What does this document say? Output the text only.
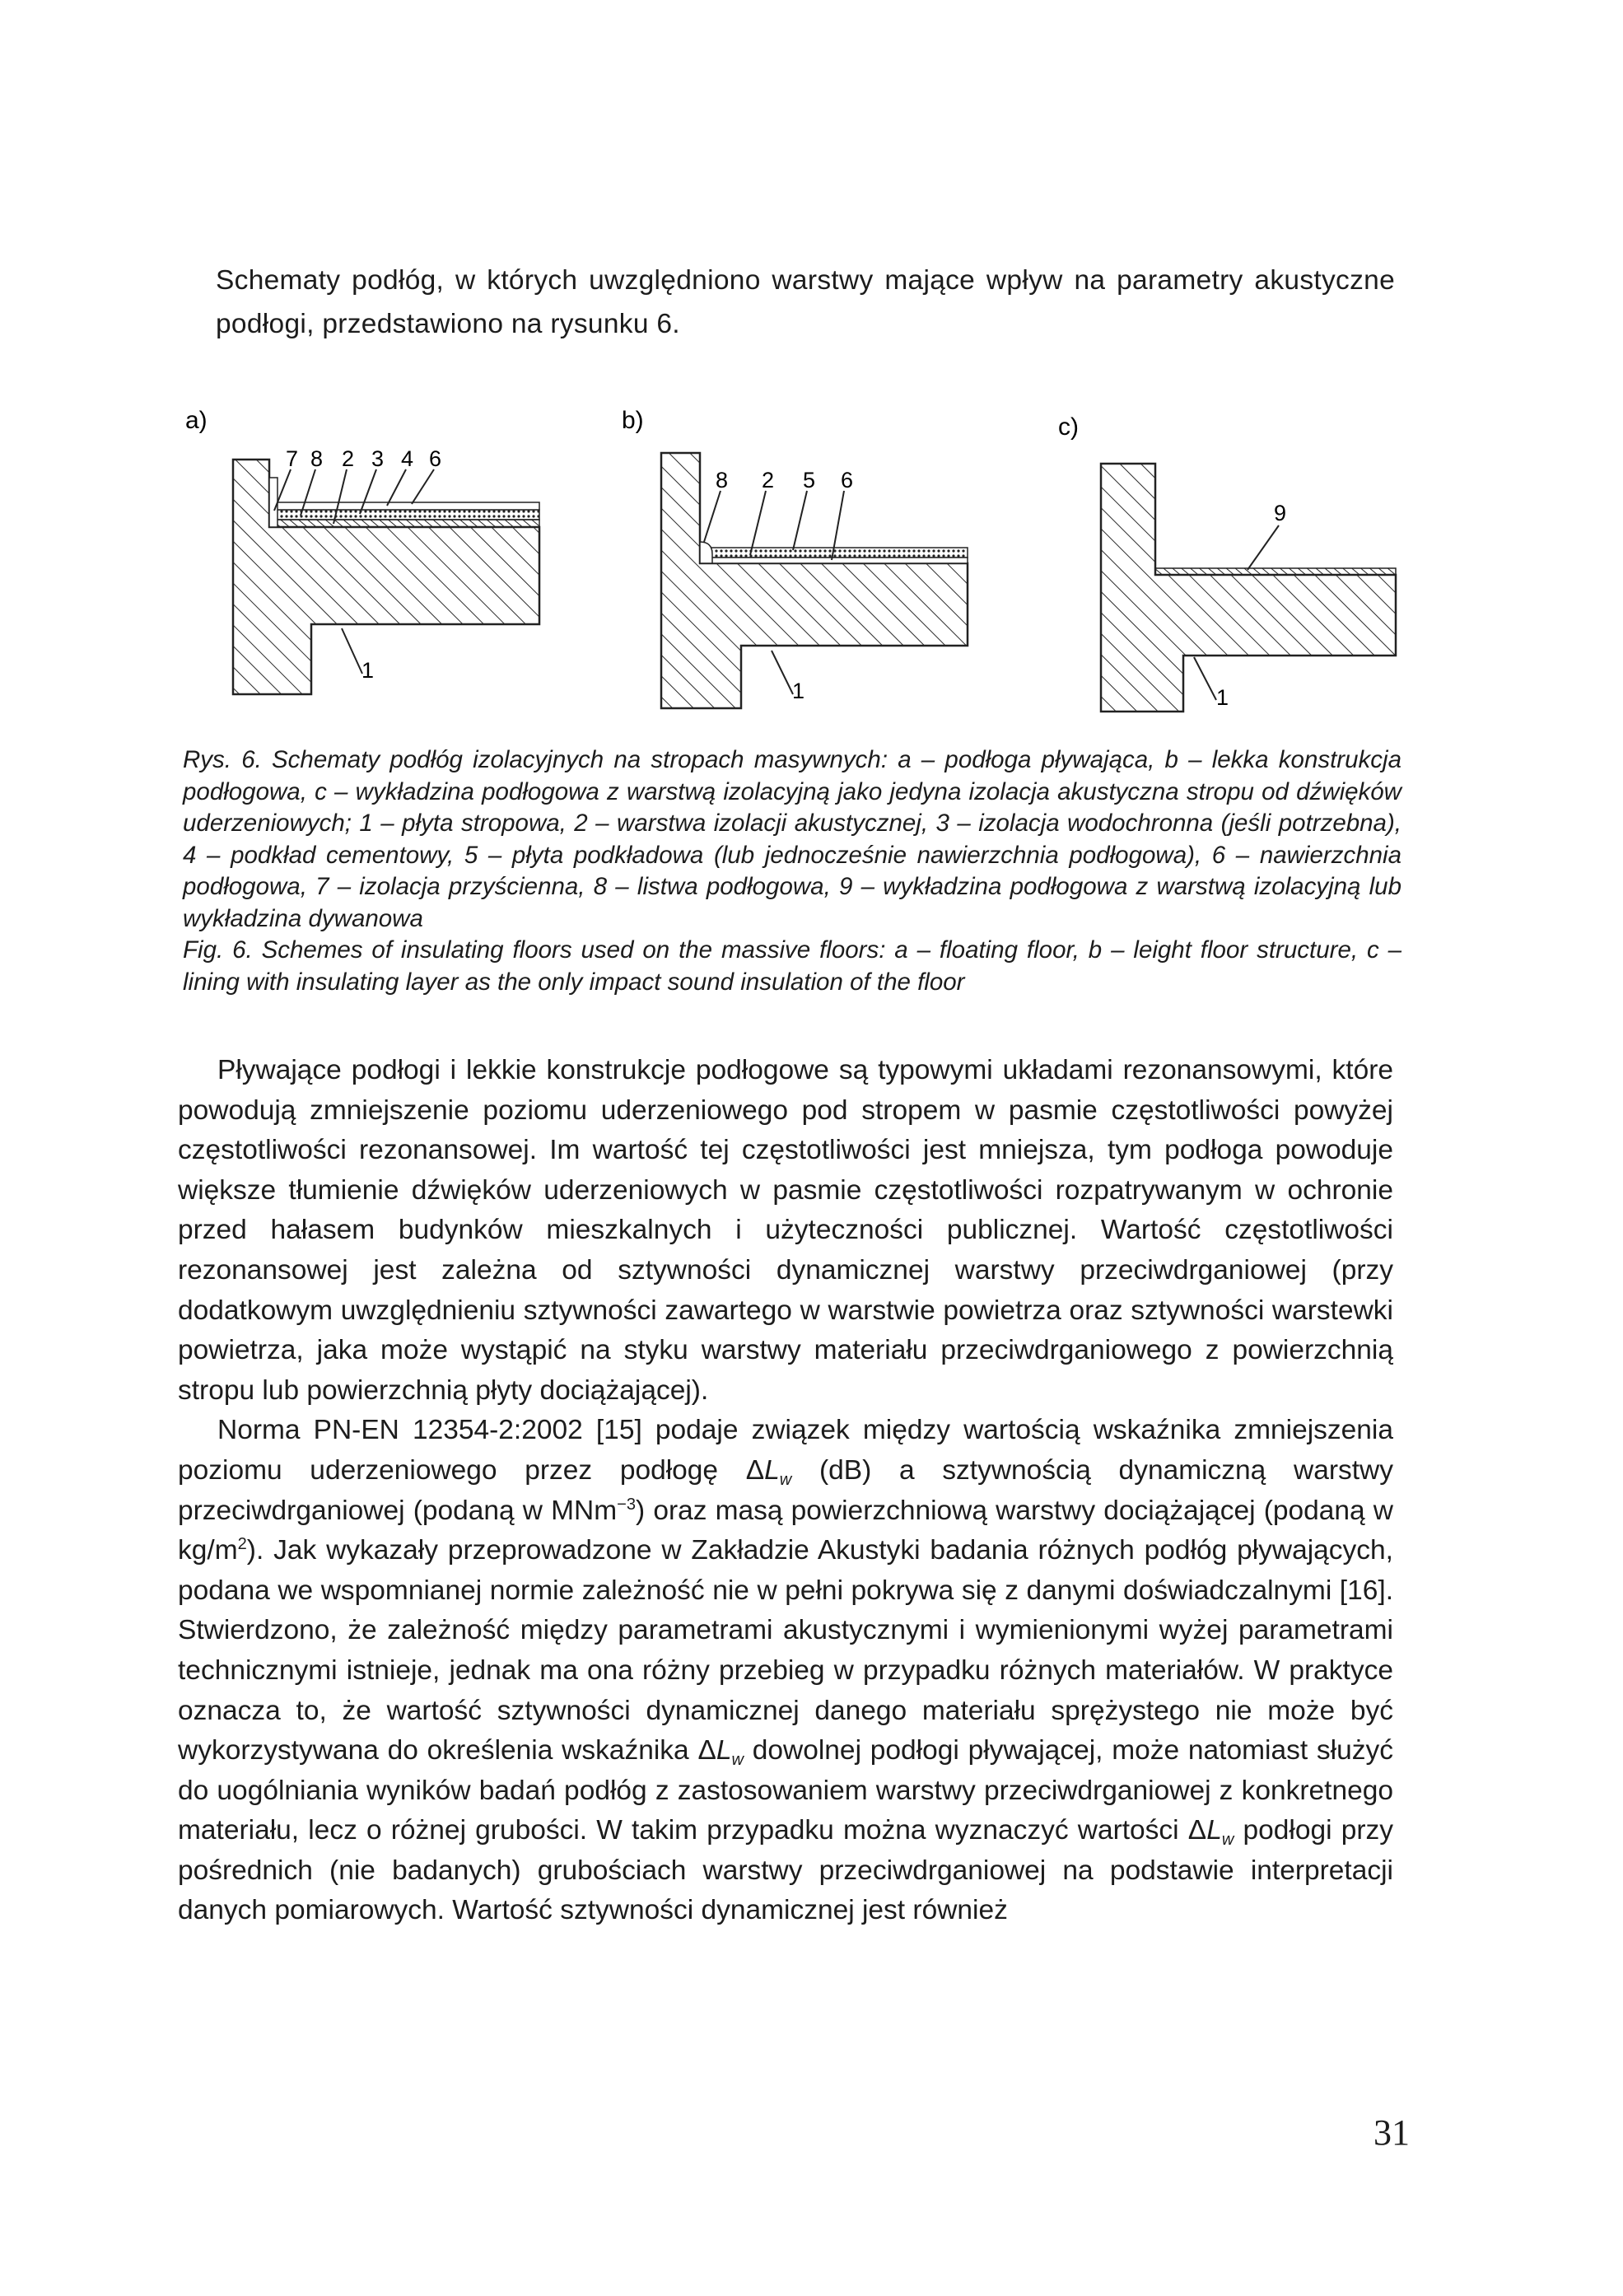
Schematy podłóg, w których uwzględniono warstwy mające wpływ na parametry akustyczne podłogi, przedstawiono na rysunku 6.

a)
7 8 2 3 4 6
1
b)
8 2 5 6
1
c)
9
1

Rys. 6. Schematy podłóg izolacyjnych na stropach masywnych: a – podłoga pływająca, b – lekka konstrukcja podłogowa, c – wykładzina podłogowa z warstwą izolacyjną jako jedyna izolacja akustyczna stropu od dźwięków uderzeniowych; 1 – płyta stropowa, 2 – warstwa izolacji akustycznej, 3 – izolacja wodochronna (jeśli potrzebna), 4 – podkład cementowy, 5 – płyta podkładowa (lub jednocześnie nawierzchnia podłogowa), 6 – nawierzchnia podłogowa, 7 – izolacja przyścienna, 8 – listwa podłogowa, 9 – wykładzina podłogowa z warstwą izolacyjną lub wykładzina dywanowa

Fig. 6. Schemes of insulating floors used on the massive floors: a – floating floor, b – leight floor structure, c – lining with insulating layer as the only impact sound insulation of the floor

Pływające podłogi i lekkie konstrukcje podłogowe są typowymi układami rezonansowymi, które powodują zmniejszenie poziomu uderzeniowego pod stropem w pasmie częstotliwości powyżej częstotliwości rezonansowej. Im wartość tej częstotliwości jest mniejsza, tym podłoga powoduje większe tłumienie dźwięków uderzeniowych w pasmie częstotliwości rozpatrywanym w ochronie przed hałasem budynków mieszkalnych i użyteczności publicznej. Wartość częstotliwości rezonansowej jest zależna od sztywności dynamicznej warstwy przeciwdrganiowej (przy dodatkowym uwzględnieniu sztywności zawartego w warstwie powietrza oraz sztywności warstewki powietrza, jaka może wystąpić na styku warstwy materiału przeciwdrganiowego z powierzchnią stropu lub powierzchnią płyty dociążającej).

Norma PN-EN 12354-2:2002 [15] podaje związek między wartością wskaźnika zmniejszenia poziomu uderzeniowego przez podłogę $\Delta L_w$ (dB) a sztywnością dynamiczną warstwy przeciwdrganiowej (podaną w MNm$^{-3}$) oraz masą powierzchniową warstwy dociążającej (podaną w $kg/m^2$). Jak wykazały przeprowadzone w Zakładzie Akustyki badania różnych podłóg pływających, podana we wspomnianej normie zależność nie w pełni pokrywa się z danymi doświadczalnymi [16]. Stwierdzono, że zależność między parametrami akustycznymi i wymienionymi wyżej parametrami technicznymi istnieje, jednak ma ona różny przebieg w przypadku różnych materiałów. W praktyce oznacza to, że wartość sztywności dynamicznej danego materiału sprężystego nie może być wykorzystywana do określenia wskaźnika $\Delta L_w$ dowolnej podłogi pływającej, może natomiast służyć do uogólniania wyników badań podłóg z zastosowaniem warstwy przeciwdrganiowej z konkretnego materiału, lecz o różnej grubości. W takim przypadku można wyznaczyć wartości $\Delta L_w$ podłogi przy pośrednich (nie badanych) grubościach warstwy przeciwdrganiowej na podstawie interpretacji danych pomiarowych. Wartość sztywności dynamicznej jest również

31
